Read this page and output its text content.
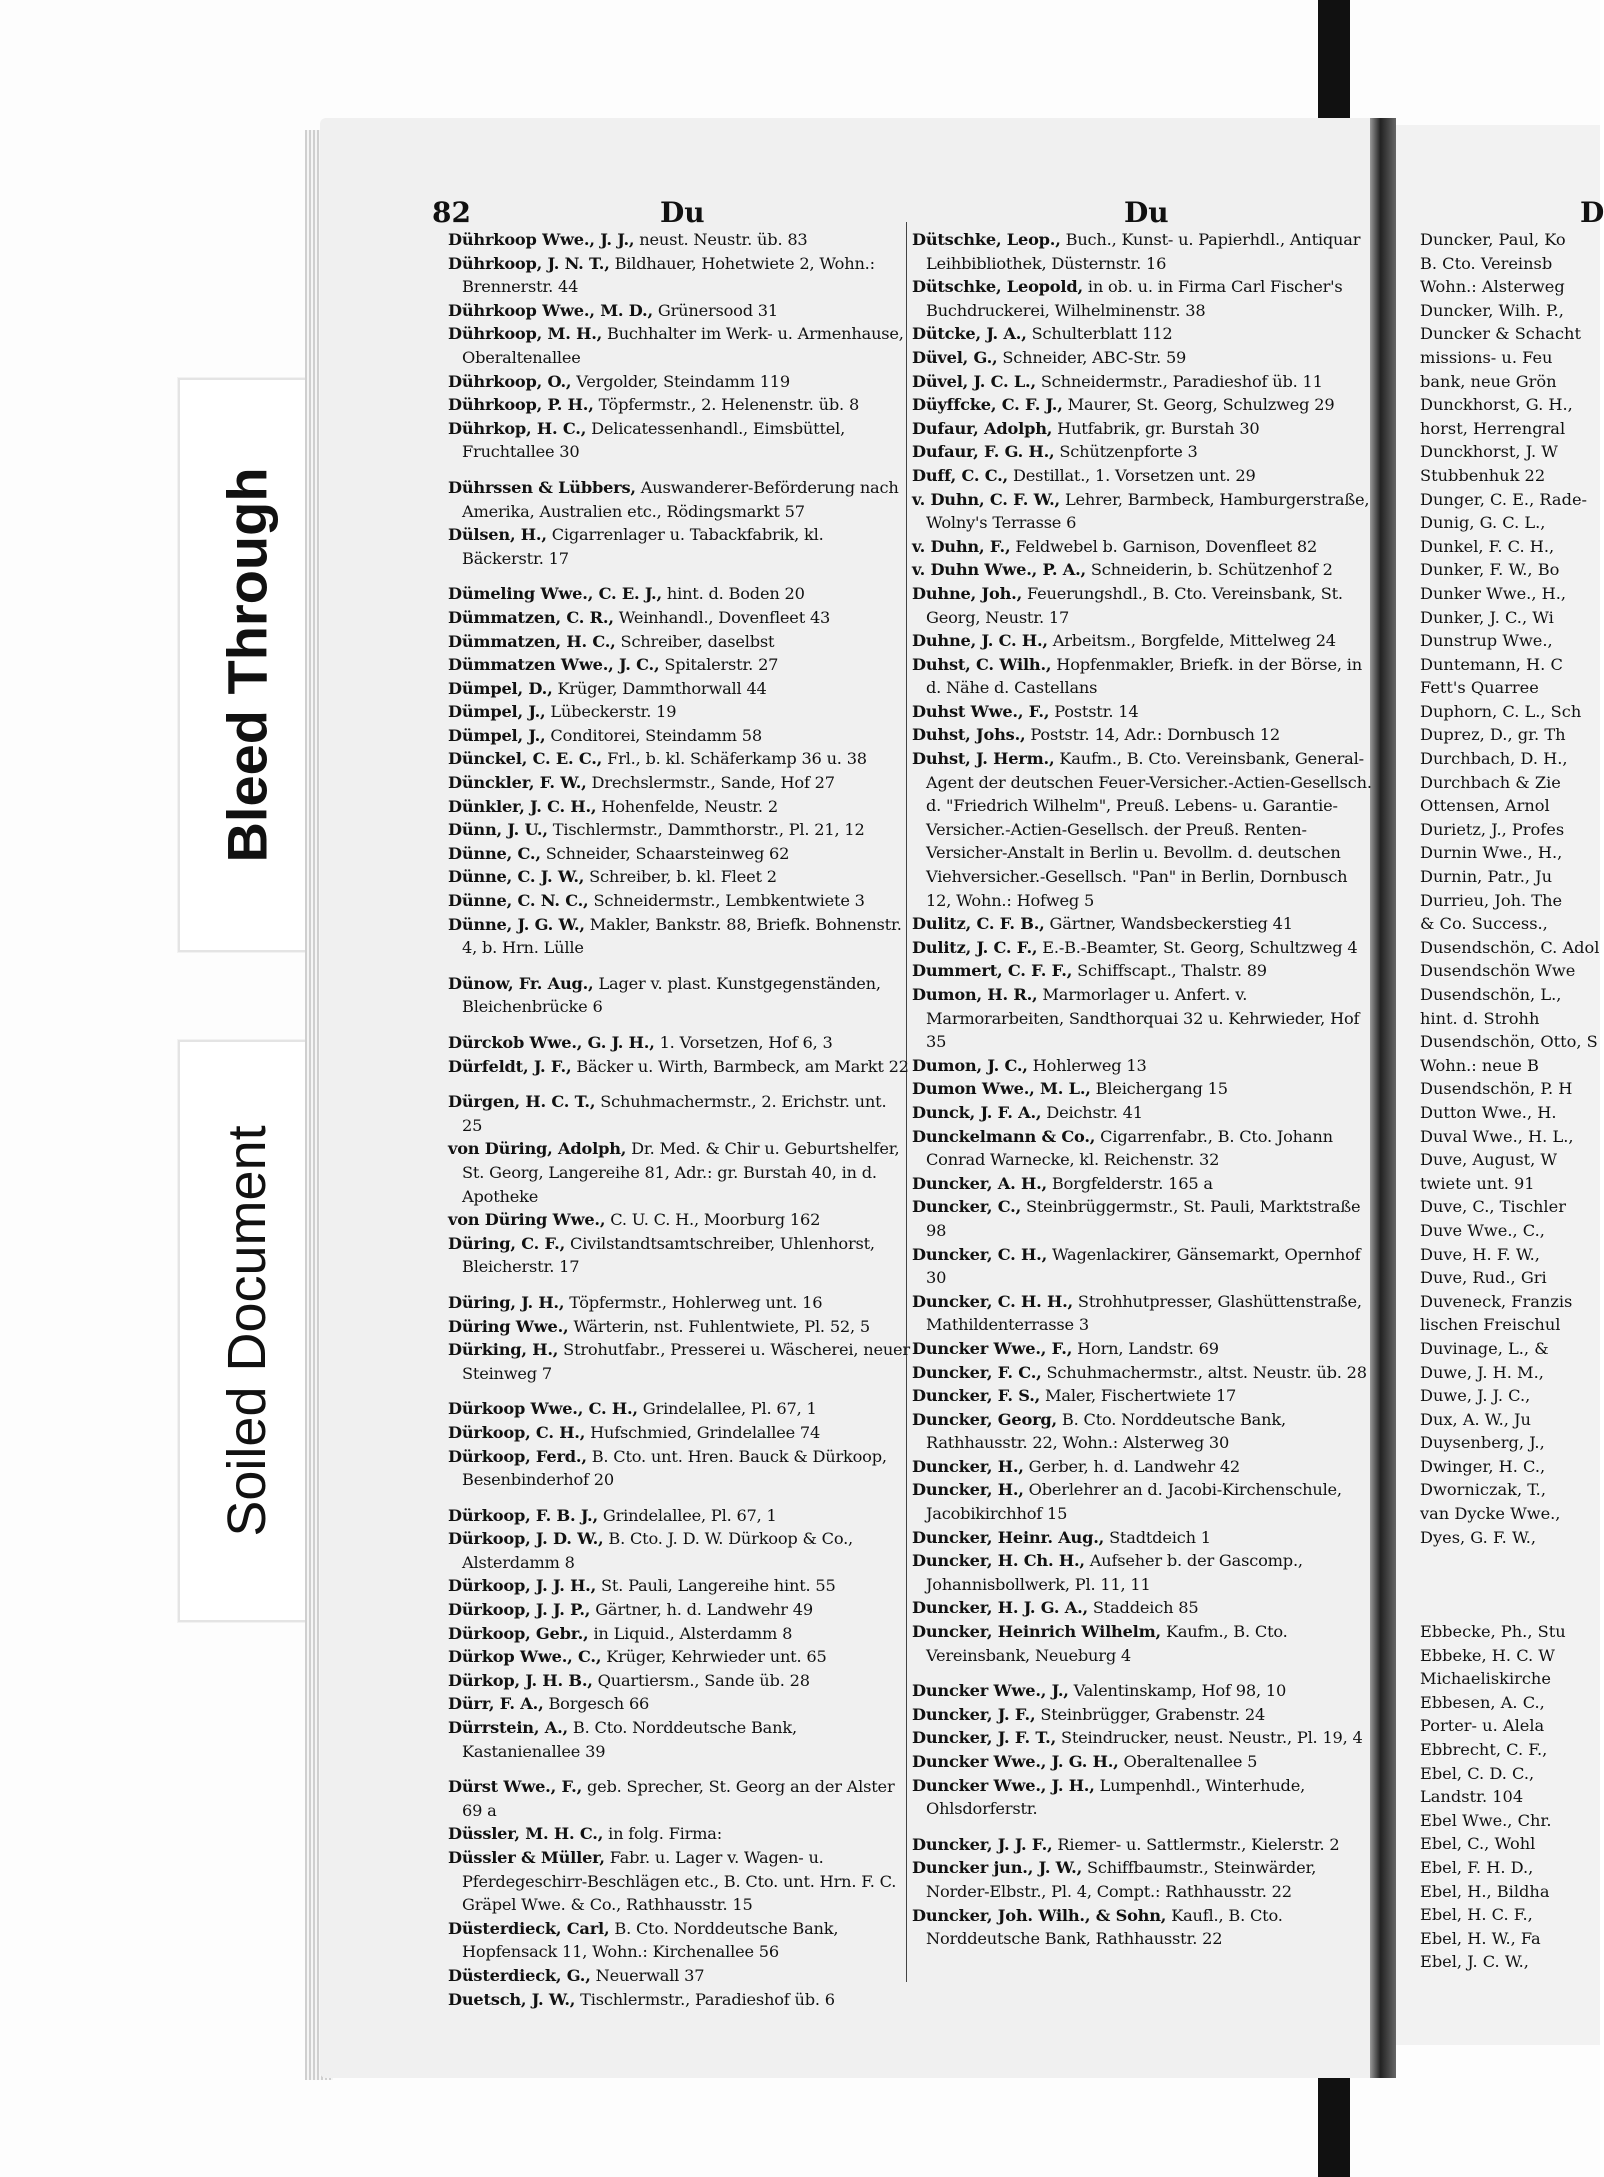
Bleed Through
Soiled Document
82	Du	Du	D
Dührkoop Wwe., J. J., neust. Neustr. üb. 83
Dührkoop, J. N. T., Bildhauer, Hohetwiete 2, Wohn.: Brennerstr. 44
Dührkoop Wwe., M. D., Grünersood 31
Dührkoop, M. H., Buchhalter im Werk- u. Armenhause, Oberaltenallee
Dührkoop, O., Vergolder, Steindamm 119
Dührkoop, P. H., Töpfermstr., 2. Helenenstr. üb. 8
Dührkop, H. C., Delicatessenhandl., Eimsbüttel, Fruchtallee 30
Dührssen & Lübbers, Auswanderer-Beförderung nach Amerika, Australien etc., Rödingsmarkt 57
Dülsen, H., Cigarrenlager u. Tabackfabrik, kl. Bäckerstr. 17
Dümeling Wwe., C. E. J., hint. d. Boden 20
Dümmatzen, C. R., Weinhandl., Dovenfleet 43
Dümmatzen, H. C., Schreiber, daselbst
Dümmatzen Wwe., J. C., Spitalerstr. 27
Dümpel, D., Krüger, Dammthorwall 44
Dümpel, J., Lübeckerstr. 19
Dümpel, J., Conditorei, Steindamm 58
Dünckel, C. E. C., Frl., b. kl. Schäferkamp 36 u. 38
Dünckler, F. W., Drechslermstr., Sande, Hof 27
Dünkler, J. C. H., Hohenfelde, Neustr. 2
Dünn, J. U., Tischlermstr., Dammthorstr., Pl. 21, 12
Dünne, C., Schneider, Schaarsteinweg 62
Dünne, C. J. W., Schreiber, b. kl. Fleet 2
Dünne, C. N. C., Schneidermstr., Lembkentwiete 3
Dünne, J. G. W., Makler, Bankstr. 88, Briefk. Bohnenstr. 4, b. Hrn. Lülle
Dünow, Fr. Aug., Lager v. plast. Kunstgegenständen, Bleichenbrücke 6
Dürckob Wwe., G. J. H., 1. Vorsetzen, Hof 6, 3
Dürfeldt, J. F., Bäcker u. Wirth, Barmbeck, am Markt 22
Dürgen, H. C. T., Schuhmachermstr., 2. Erichstr. unt. 25
von Düring, Adolph, Dr. Med. & Chir u. Geburtshelfer, St. Georg, Langereihe 81, Adr.: gr. Burstah 40, in d. Apotheke
von Düring Wwe., C. U. C. H., Moorburg 162
Düring, C. F., Civilstandtsamtschreiber, Uhlenhorst, Bleicherstr. 17
Düring, J. H., Töpfermstr., Hohlerweg unt. 16
Düring Wwe., Wärterin, nst. Fuhlentwiete, Pl. 52, 5
Dürking, H., Strohutfabr., Presserei u. Wäscherei, neuer Steinweg 7
Dürkoop Wwe., C. H., Grindelallee, Pl. 67, 1
Dürkoop, C. H., Hufschmied, Grindelallee 74
Dürkoop, Ferd., B. Cto. unt. Hren. Bauck & Dürkoop, Besenbinderhof 20
Dürkoop, F. B. J., Grindelallee, Pl. 67, 1
Dürkoop, J. D. W., B. Cto. J. D. W. Dürkoop & Co., Alsterdamm 8
Dürkoop, J. J. H., St. Pauli, Langereihe hint. 55
Dürkoop, J. J. P., Gärtner, h. d. Landwehr 49
Dürkoop, Gebr., in Liquid., Alsterdamm 8
Dürkop Wwe., C., Krüger, Kehrwieder unt. 65
Dürkop, J. H. B., Quartiersm., Sande üb. 28
Dürr, F. A., Borgesch 66
Dürrstein, A., B. Cto. Norddeutsche Bank, Kastanienallee 39
Dürst Wwe., F., geb. Sprecher, St. Georg an der Alster 69 a
Düssler, M. H. C., in folg. Firma:
Düssler & Müller, Fabr. u. Lager v. Wagen- u. Pferdegeschirr-Beschlägen etc., B. Cto. unt. Hrn. F. C. Gräpel Wwe. & Co., Rathhausstr. 15
Düsterdieck, Carl, B. Cto. Norddeutsche Bank, Hopfensack 11, Wohn.: Kirchenallee 56
Düsterdieck, G., Neuerwall 37
Duetsch, J. W., Tischlermstr., Paradieshof üb. 6
Dütschke, Leop., Buch., Kunst- u. Papierhdl., Antiquar Leihbibliothek, Düsternstr. 16
Dütschke, Leopold, in ob. u. in Firma Carl Fischer's Buchdruckerei, Wilhelminenstr. 38
Dütcke, J. A., Schulterblatt 112
Düvel, G., Schneider, ABC-Str. 59
Düvel, J. C. L., Schneidermstr., Paradieshof üb. 11
Düyffcke, C. F. J., Maurer, St. Georg, Schulzweg 29
Dufaur, Adolph, Hutfabrik, gr. Burstah 30
Dufaur, F. G. H., Schützenpforte 3
Duff, C. C., Destillat., 1. Vorsetzen unt. 29
v. Duhn, C. F. W., Lehrer, Barmbeck, Hamburgerstraße, Wolny's Terrasse 6
v. Duhn, F., Feldwebel b. Garnison, Dovenfleet 82
v. Duhn Wwe., P. A., Schneiderin, b. Schützenhof 2
Duhne, Joh., Feuerungshdl., B. Cto. Vereinsbank, St. Georg, Neustr. 17
Duhne, J. C. H., Arbeitsm., Borgfelde, Mittelweg 24
Duhst, C. Wilh., Hopfenmakler, Briefk. in der Börse, in d. Nähe d. Castellans
Duhst Wwe., F., Poststr. 14
Duhst, Johs., Poststr. 14, Adr.: Dornbusch 12
Duhst, J. Herm., Kaufm., B. Cto. Vereinsbank, General-Agent der deutschen Feuer-Versicher.-Actien-Gesellsch. d. "Friedrich Wilhelm", Preuß. Lebens- u. Garantie-Versicher.-Actien-Gesellsch. der Preuß. Renten-Versicher-Anstalt in Berlin u. Bevollm. d. deutschen Viehversicher.-Gesellsch. "Pan" in Berlin, Dornbusch 12, Wohn.: Hofweg 5
Dulitz, C. F. B., Gärtner, Wandsbeckerstieg 41
Dulitz, J. C. F., E.-B.-Beamter, St. Georg, Schultzweg 4
Dummert, C. F. F., Schiffscapt., Thalstr. 89
Dumon, H. R., Marmorlager u. Anfert. v. Marmorarbeiten, Sandthorquai 32 u. Kehrwieder, Hof 35
Dumon, J. C., Hohlerweg 13
Dumon Wwe., M. L., Bleichergang 15
Dunck, J. F. A., Deichstr. 41
Dunckelmann & Co., Cigarrenfabr., B. Cto. Johann Conrad Warnecke, kl. Reichenstr. 32
Duncker, A. H., Borgfelderstr. 165 a
Duncker, C., Steinbrüggermstr., St. Pauli, Marktstraße 98
Duncker, C. H., Wagenlackirer, Gänsemarkt, Opernhof 30
Duncker, C. H. H., Strohhutpresser, Glashüttenstraße, Mathildenterrasse 3
Duncker Wwe., F., Horn, Landstr. 69
Duncker, F. C., Schuhmachermstr., altst. Neustr. üb. 28
Duncker, F. S., Maler, Fischertwiete 17
Duncker, Georg, B. Cto. Norddeutsche Bank, Rathhausstr. 22, Wohn.: Alsterweg 30
Duncker, H., Gerber, h. d. Landwehr 42
Duncker, H., Oberlehrer an d. Jacobi-Kirchenschule, Jacobikirchhof 15
Duncker, Heinr. Aug., Stadtdeich 1
Duncker, H. Ch. H., Aufseher b. der Gascomp., Johannisbollwerk, Pl. 11, 11
Duncker, H. J. G. A., Staddeich 85
Duncker, Heinrich Wilhelm, Kaufm., B. Cto. Vereinsbank, Neueburg 4
Duncker Wwe., J., Valentinskamp, Hof 98, 10
Duncker, J. F., Steinbrügger, Grabenstr. 24
Duncker, J. F. T., Steindrucker, neust. Neustr., Pl. 19, 4
Duncker Wwe., J. G. H., Oberaltenallee 5
Duncker Wwe., J. H., Lumpenhdl., Winterhude, Ohlsdorferstr.
Duncker, J. J. F., Riemer- u. Sattlermstr., Kielerstr. 2
Duncker jun., J. W., Schiffbaumstr., Steinwärder, Norder-Elbstr., Pl. 4, Compt.: Rathhausstr. 22
Duncker, Joh. Wilh., & Sohn, Kaufl., B. Cto. Norddeutsche Bank, Rathhausstr. 22
Duncker, Paul, Ko
B. Cto. Vereinsb
Wohn.: Alsterweg
Duncker, Wilh. P.,
Duncker & Schacht
missions- u. Feu
bank, neue Grön
Dunckhorst, G. H.,
horst, Herrengral
Dunckhorst, J. W
Stubbenhuk 22
Dunger, C. E., Rade-
Dunig, G. C. L.,
Dunkel, F. C. H.,
Dunker, F. W., Bo
Dunker Wwe., H.,
Dunker, J. C., Wi
Dunstrup Wwe.,
Duntemann, H. C
Fett's Quarree
Duphorn, C. L., Sch
Duprez, D., gr. Th
Durchbach, D. H.,
Durchbach & Zie
Ottensen, Arnol
Durietz, J., Profes
Durnin Wwe., H.,
Durnin, Patr., Ju
Durrieu, Joh. The
& Co. Success.,
Dusendschön, C. Adol
Dusendschön Wwe
Dusendschön, L.,
hint. d. Strohh
Dusendschön, Otto, S
Wohn.: neue B
Dusendschön, P. H
Dutton Wwe., H.
Duval Wwe., H. L.,
Duve, August, W
twiete unt. 91
Duve, C., Tischler
Duve Wwe., C.,
Duve, H. F. W.,
Duve, Rud., Gri
Duveneck, Franzis
lischen Freischul
Duvinage, L., &
Duwe, J. H. M.,
Duwe, J. J. C.,
Dux, A. W., Ju
Duysenberg, J.,
Dwinger, H. C.,
Dworniczak, T.,
van Dycke Wwe.,
Dyes, G. F. W.,

Ebbecke, Ph., Stu
Ebbeke, H. C. W
Michaeliskirche
Ebbesen, A. C.,
Porter- u. Alela
Ebbrecht, C. F.,
Ebel, C. D. C.,
Landstr. 104
Ebel Wwe., Chr.
Ebel, C., Wohl
Ebel, F. H. D.,
Ebel, H., Bildha
Ebel, H. C. F.,
Ebel, H. W., Fa
Ebel, J. C. W.,
